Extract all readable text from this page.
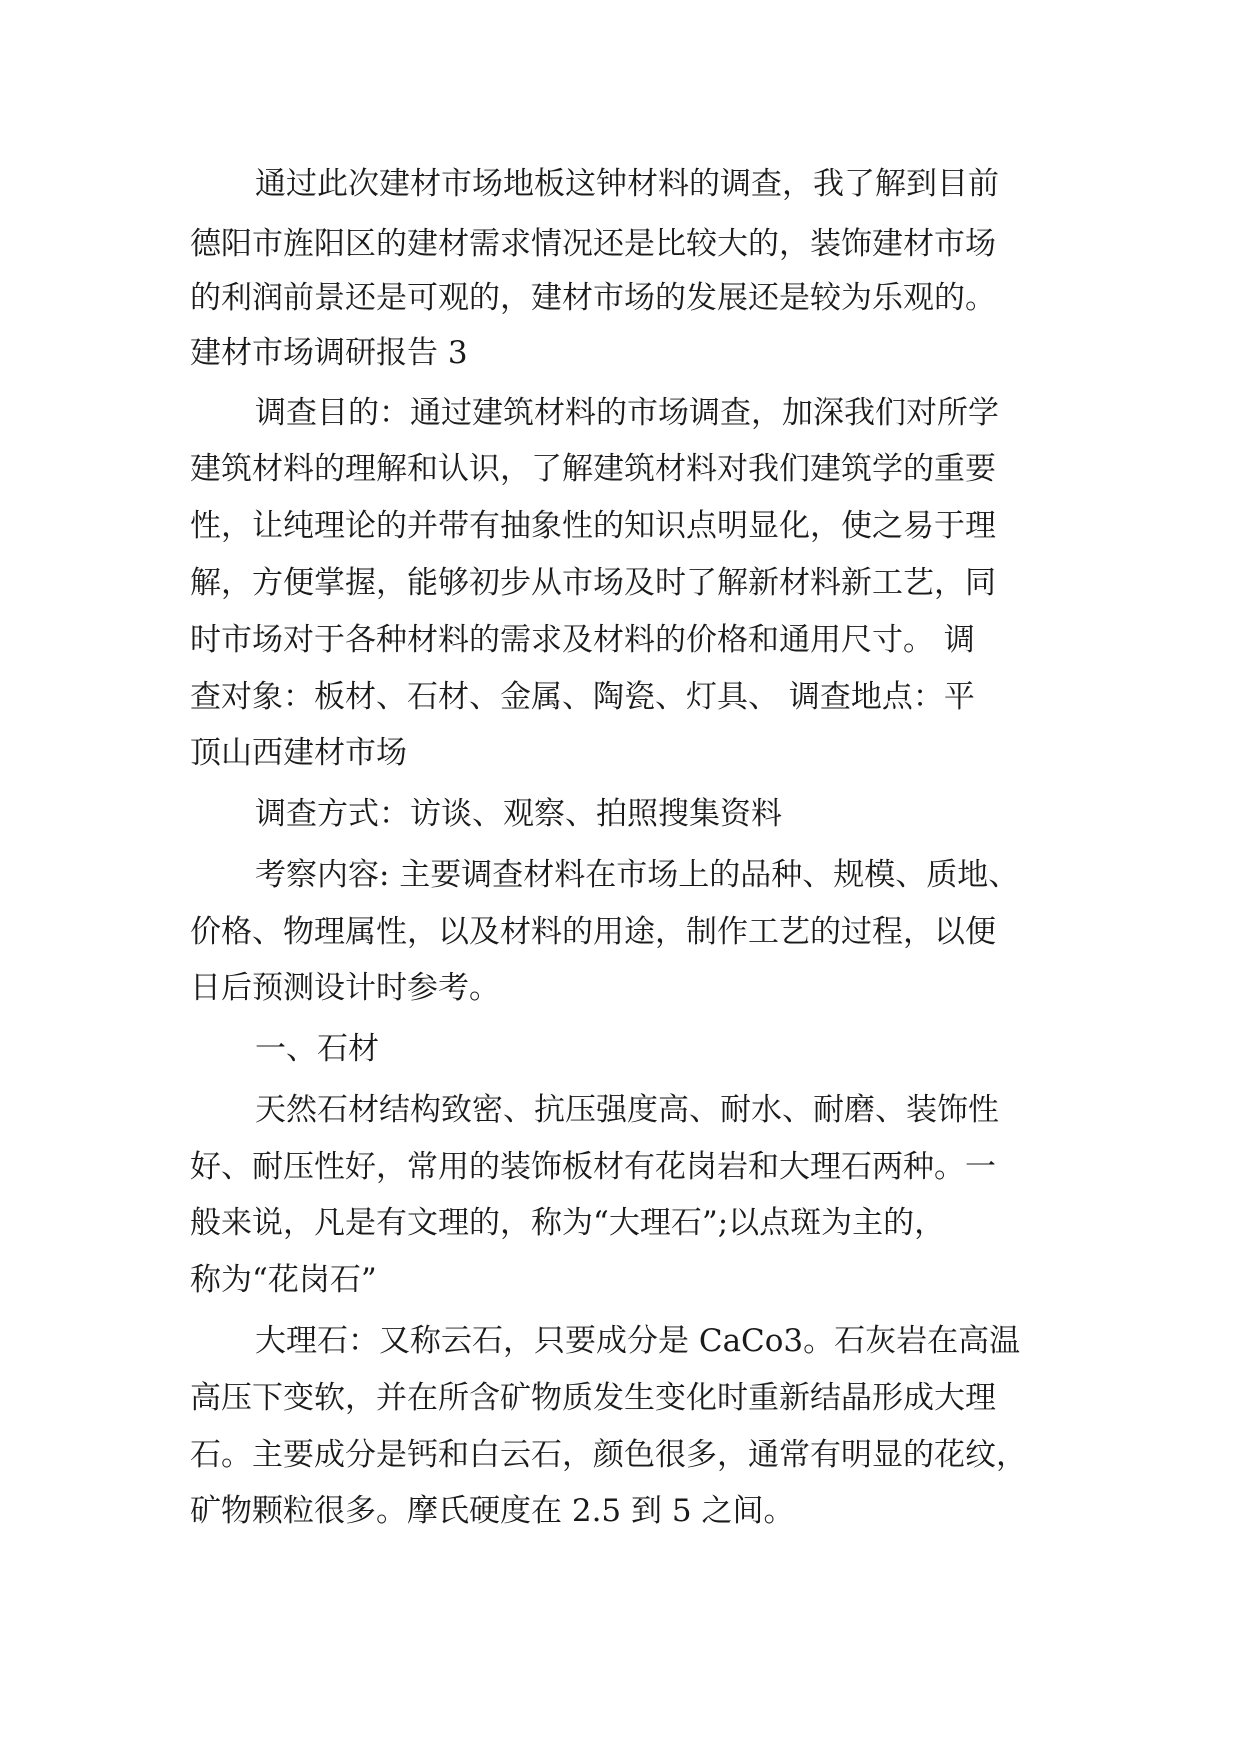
通过此次建材市场地板这钟材料的调查，我了解到目前
德阳市旌阳区的建材需求情况还是比较大的，装饰建材市场
的利润前景还是可观的，建材市场的发展还是较为乐观的。
建材市场调研报告 3
调查目的：通过建筑材料的市场调查，加深我们对所学
建筑材料的理解和认识，了解建筑材料对我们建筑学的重要
性，让纯理论的并带有抽象性的知识点明显化，使之易于理
解，方便掌握，能够初步从市场及时了解新材料新工艺，同
时市场对于各种材料的需求及材料的价格和通用尺寸。 调
查对象：板材、石材、金属、陶瓷、灯具、 调查地点：平
顶山西建材市场
调查方式：访谈、观察、拍照搜集资料
考察内容: 主要调查材料在市场上的品种、规模、质地、
价格、物理属性，以及材料的用途，制作工艺的过程，以便
日后预测设计时参考。
一、石材
天然石材结构致密、抗压强度高、耐水、耐磨、装饰性
好、耐压性好，常用的装饰板材有花岗岩和大理石两种。一
般来说，凡是有文理的，称为“大理石”;以点斑为主的，
称为“花岗石”
大理石：又称云石，只要成分是 CaCo3。石灰岩在高温
高压下变软，并在所含矿物质发生变化时重新结晶形成大理
石。主要成分是钙和白云石，颜色很多，通常有明显的花纹，
矿物颗粒很多。摩氏硬度在 2.5 到 5 之间。
